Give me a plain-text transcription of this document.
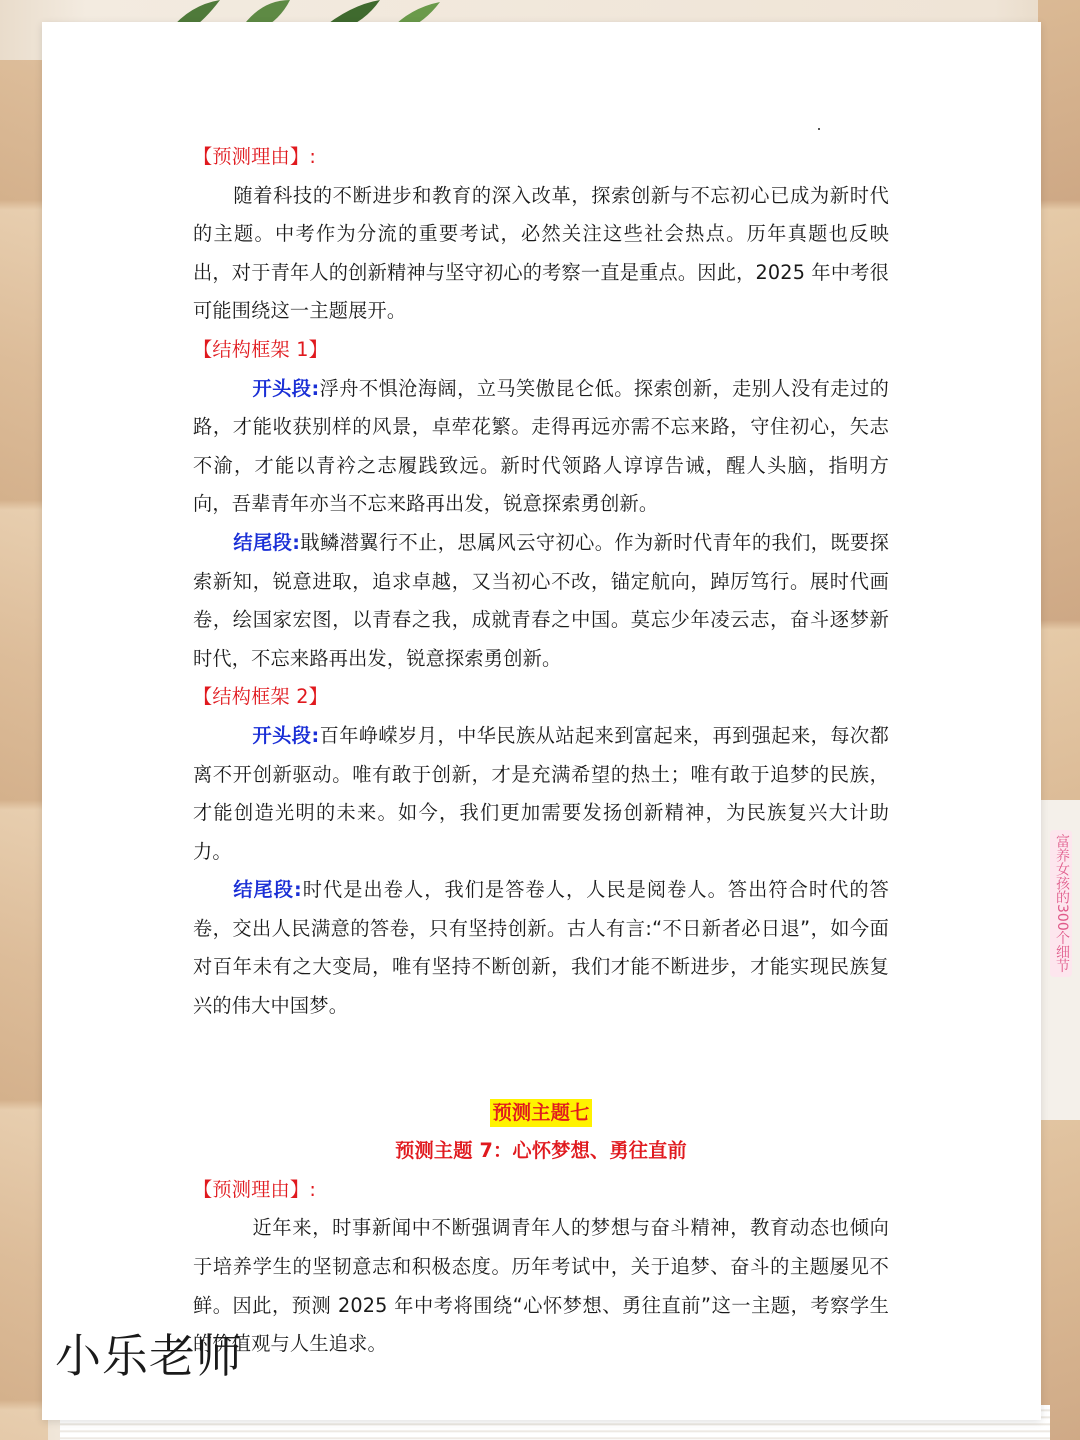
富养女孩的300个细节

【预测理由】:

随着科技的不断进步和教育的深入改革，探索创新与不忘初心已成为新时代的主题。中考作为分流的重要考试，必然关注这些社会热点。历年真题也反映出，对于青年人的创新精神与坚守初心的考察一直是重点。因此，2025 年中考很可能围绕这一主题展开。

【结构框架 1】

开头段:浮舟不惧沧海阔，立马笑傲昆仑低。探索创新，走别人没有走过的路，才能收获别样的风景，卓荦花繁。走得再远亦需不忘来路，守住初心，矢志不渝，才能以青衿之志履践致远。新时代领路人谆谆告诫，醒人头脑，指明方向，吾辈青年亦当不忘来路再出发，锐意探索勇创新。

结尾段:戢鳞潜翼行不止，思属风云守初心。作为新时代青年的我们，既要探索新知，锐意进取，追求卓越，又当初心不改，锚定航向，踔厉笃行。展时代画卷，绘国家宏图，以青春之我，成就青春之中国。莫忘少年凌云志，奋斗逐梦新时代，不忘来路再出发，锐意探索勇创新。

【结构框架 2】

开头段:百年峥嵘岁月，中华民族从站起来到富起来，再到强起来，每次都离不开创新驱动。唯有敢于创新，才是充满希望的热土；唯有敢于追梦的民族，才能创造光明的未来。如今，我们更加需要发扬创新精神，为民族复兴大计助力。

结尾段:时代是出卷人，我们是答卷人，人民是阅卷人。答出符合时代的答卷，交出人民满意的答卷，只有坚持创新。古人有言:“不日新者必日退”，如今面对百年未有之大变局，唯有坚持不断创新，我们才能不断进步，才能实现民族复兴的伟大中国梦。

预测主题七

预测主题 7：心怀梦想、勇往直前

【预测理由】:

近年来，时事新闻中不断强调青年人的梦想与奋斗精神，教育动态也倾向于培养学生的坚韧意志和积极态度。历年考试中，关于追梦、奋斗的主题屡见不鲜。因此，预测 2025 年中考将围绕“心怀梦想、勇往直前”这一主题，考察学生的价值观与人生追求。

小乐老师
